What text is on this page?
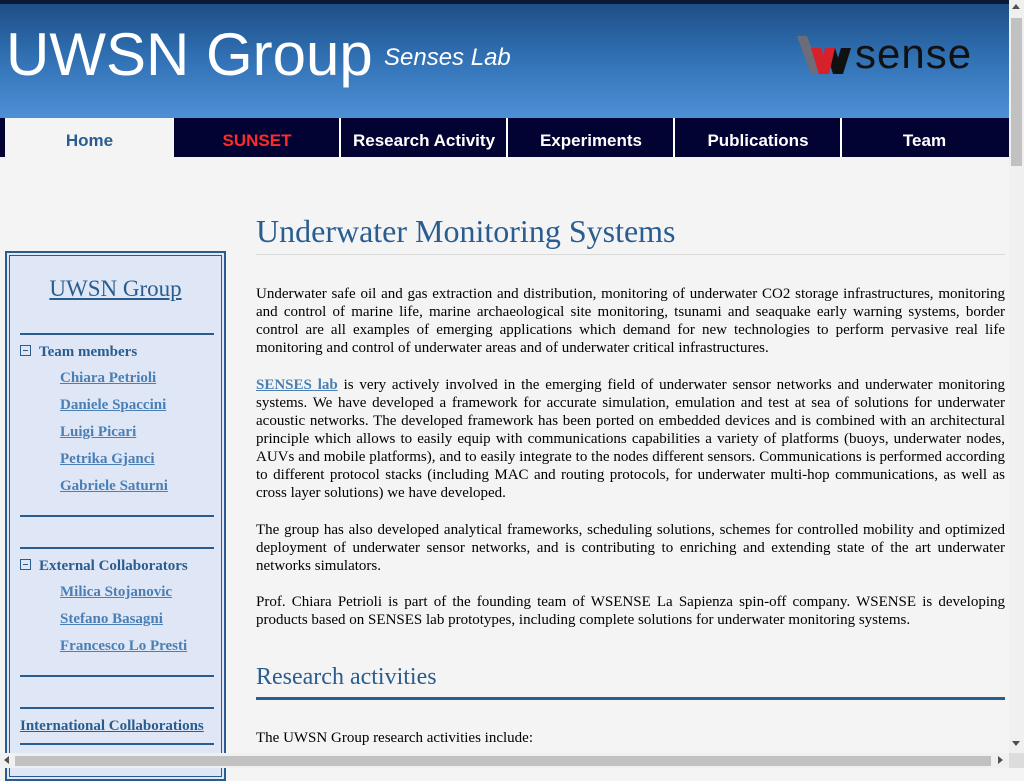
UWSN Group Senses Lab	sense
Home	SUNSET	Research Activity	Experiments	Publications	Team
UWSN Group
Team members
Chiara Petrioli
Daniele Spaccini
Luigi Picari
Petrika Gjanci
Gabriele Saturni
External Collaborators
Milica Stojanovic
Stefano Basagni
Francesco Lo Presti
International Collaborations
Underwater Monitoring Systems

Underwater safe oil and gas extraction and distribution, monitoring of underwater CO2 storage infrastructures, monitoring and control of marine life, marine archaeological site monitoring, tsunami and seaquake early warning systems, border control are all examples of emerging applications which demand for new technologies to perform pervasive real life monitoring and control of underwater areas and of underwater critical infrastructures.

SENSES lab is very actively involved in the emerging field of underwater sensor networks and underwater monitoring systems. We have developed a framework for accurate simulation, emulation and test at sea of solutions for underwater acoustic networks. The developed framework has been ported on embedded devices and is combined with an architectural principle which allows to easily equip with communications capabilities a variety of platforms (buoys, underwater nodes, AUVs and mobile platforms), and to easily integrate to the nodes different sensors. Communications is performed according to different protocol stacks (including MAC and routing protocols, for underwater multi-hop communications, as well as cross layer solutions) we have developed.

The group has also developed analytical frameworks, scheduling solutions, schemes for controlled mobility and optimized deployment of underwater sensor networks, and is contributing to enriching and extending state of the art underwater networks simulators.

Prof. Chiara Petrioli is part of the founding team of WSENSE La Sapienza spin-off company. WSENSE is developing products based on SENSES lab prototypes, including complete solutions for underwater monitoring systems.

Research activities

The UWSN Group research activities include:
